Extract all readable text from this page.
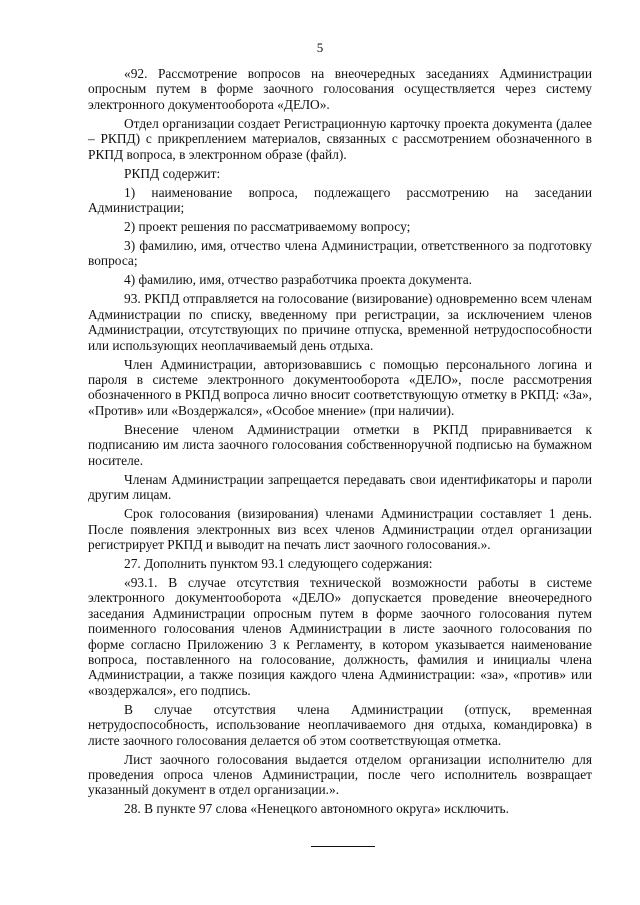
5

«92. Рассмотрение вопросов на внеочередных заседаниях Администрации опросным путем в форме заочного голосования осуществляется через систему электронного документооборота «ДЕЛО».

Отдел организации создает Регистрационную карточку проекта документа (далее – РКПД) с прикреплением материалов, связанных с рассмотрением обозначенного в РКПД вопроса, в электронном образе (файл).

РКПД содержит:

1) наименование вопроса, подлежащего рассмотрению на заседании Администрации;

2) проект решения по рассматриваемому вопросу;

3) фамилию, имя, отчество члена Администрации, ответственного за подготовку вопроса;

4) фамилию, имя, отчество разработчика проекта документа.

93. РКПД отправляется на голосование (визирование) одновременно всем членам Администрации по списку, введенному при регистрации, за исключением членов Администрации, отсутствующих по причине отпуска, временной нетрудоспособности или использующих неоплачиваемый день отдыха.

Член Администрации, авторизовавшись с помощью персонального логина и пароля в системе электронного документооборота «ДЕЛО», после рассмотрения обозначенного в РКПД вопроса лично вносит соответствующую отметку в РКПД: «За», «Против» или «Воздержался», «Особое мнение» (при наличии).

Внесение членом Администрации отметки в РКПД приравнивается к подписанию им листа заочного голосования собственноручной подписью на бумажном носителе.

Членам Администрации запрещается передавать свои идентификаторы и пароли другим лицам.

Срок голосования (визирования) членами Администрации составляет 1 день. После появления электронных виз всех членов Администрации отдел организации регистрирует РКПД и выводит на печать лист заочного голосования.».

27. Дополнить пунктом 93.1 следующего содержания:

«93.1. В случае отсутствия технической возможности работы в системе электронного документооборота «ДЕЛО» допускается проведение внеочередного заседания Администрации опросным путем в форме заочного голосования путем поименного голосования членов Администрации в листе заочного голосования по форме согласно Приложению 3 к Регламенту, в котором указывается наименование вопроса, поставленного на голосование, должность, фамилия и инициалы члена Администрации, а также позиция каждого члена Администрации: «за», «против» или «воздержался», его подпись.

В случае отсутствия члена Администрации (отпуск, временная нетрудоспособность, использование неоплачиваемого дня отдыха, командировка) в листе заочного голосования делается об этом соответствующая отметка.

Лист заочного голосования выдается отделом организации исполнителю для проведения опроса членов Администрации, после чего исполнитель возвращает указанный документ в отдел организации.».

28. В пункте 97 слова «Ненецкого автономного округа» исключить.
